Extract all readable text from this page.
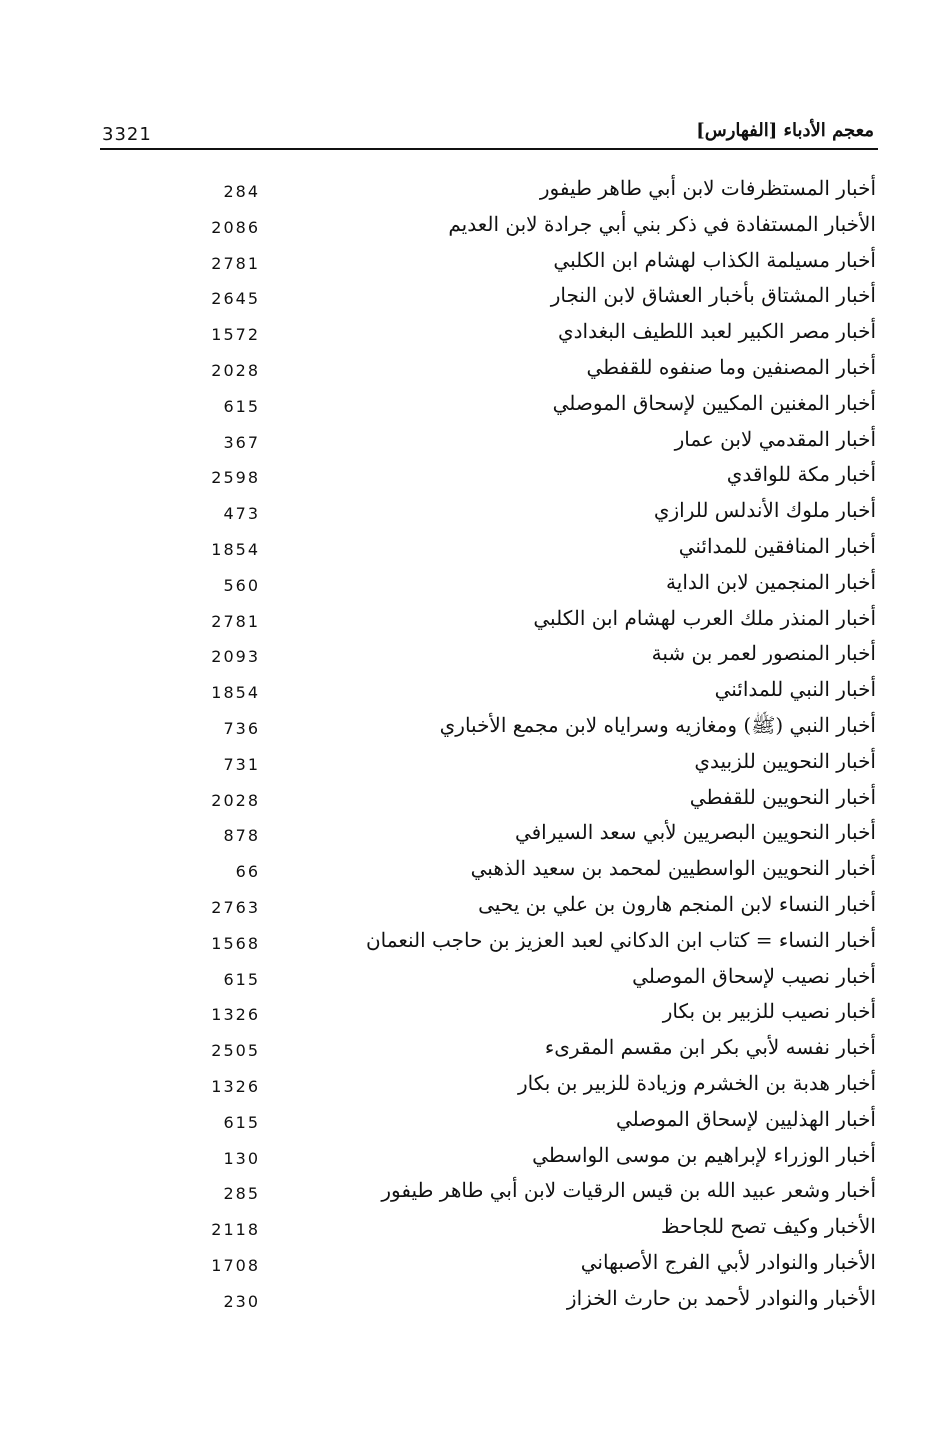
3321	معجم الأدباء [الفهارس]
أخبار المستظرفات لابن أبي طاهر طيفور
284
الأخبار المستفادة في ذكر بني أبي جرادة لابن العديم
2086
أخبار مسيلمة الكذاب لهشام ابن الكلبي
2781
أخبار المشتاق بأخبار العشاق لابن النجار
2645
أخبار مصر الكبير لعبد اللطيف البغدادي
1572
أخبار المصنفين وما صنفوه للقفطي
2028
أخبار المغنين المكيين لإسحاق الموصلي
615
أخبار المقدمي لابن عمار
367
أخبار مكة للواقدي
2598
أخبار ملوك الأندلس للرازي
473
أخبار المنافقين للمدائني
1854
أخبار المنجمين لابن الداية
560
أخبار المنذر ملك العرب لهشام ابن الكلبي
2781
أخبار المنصور لعمر بن شبة
2093
أخبار النبي للمدائني
1854
أخبار النبي (ﷺ) ومغازيه وسراياه لابن مجمع الأخباري
736
أخبار النحويين للزبيدي
731
أخبار النحويين للقفطي
2028
أخبار النحويين البصريين لأبي سعد السيرافي
878
أخبار النحويين الواسطيين لمحمد بن سعيد الذهبي
66
أخبار النساء لابن المنجم هارون بن علي بن يحيى
2763
أخبار النساء = كتاب ابن الدكاني لعبد العزيز بن حاجب النعمان
1568
أخبار نصيب لإسحاق الموصلي
615
أخبار نصيب للزبير بن بكار
1326
أخبار نفسه لأبي بكر ابن مقسم المقرىء
2505
أخبار هدبة بن الخشرم وزيادة للزبير بن بكار
1326
أخبار الهذليين لإسحاق الموصلي
615
أخبار الوزراء لإبراهيم بن موسى الواسطي
130
أخبار وشعر عبيد الله بن قيس الرقيات لابن أبي طاهر طيفور
285
الأخبار وكيف تصح للجاحظ
2118
الأخبار والنوادر لأبي الفرج الأصبهاني
1708
الأخبار والنوادر لأحمد بن حارث الخزاز
230
